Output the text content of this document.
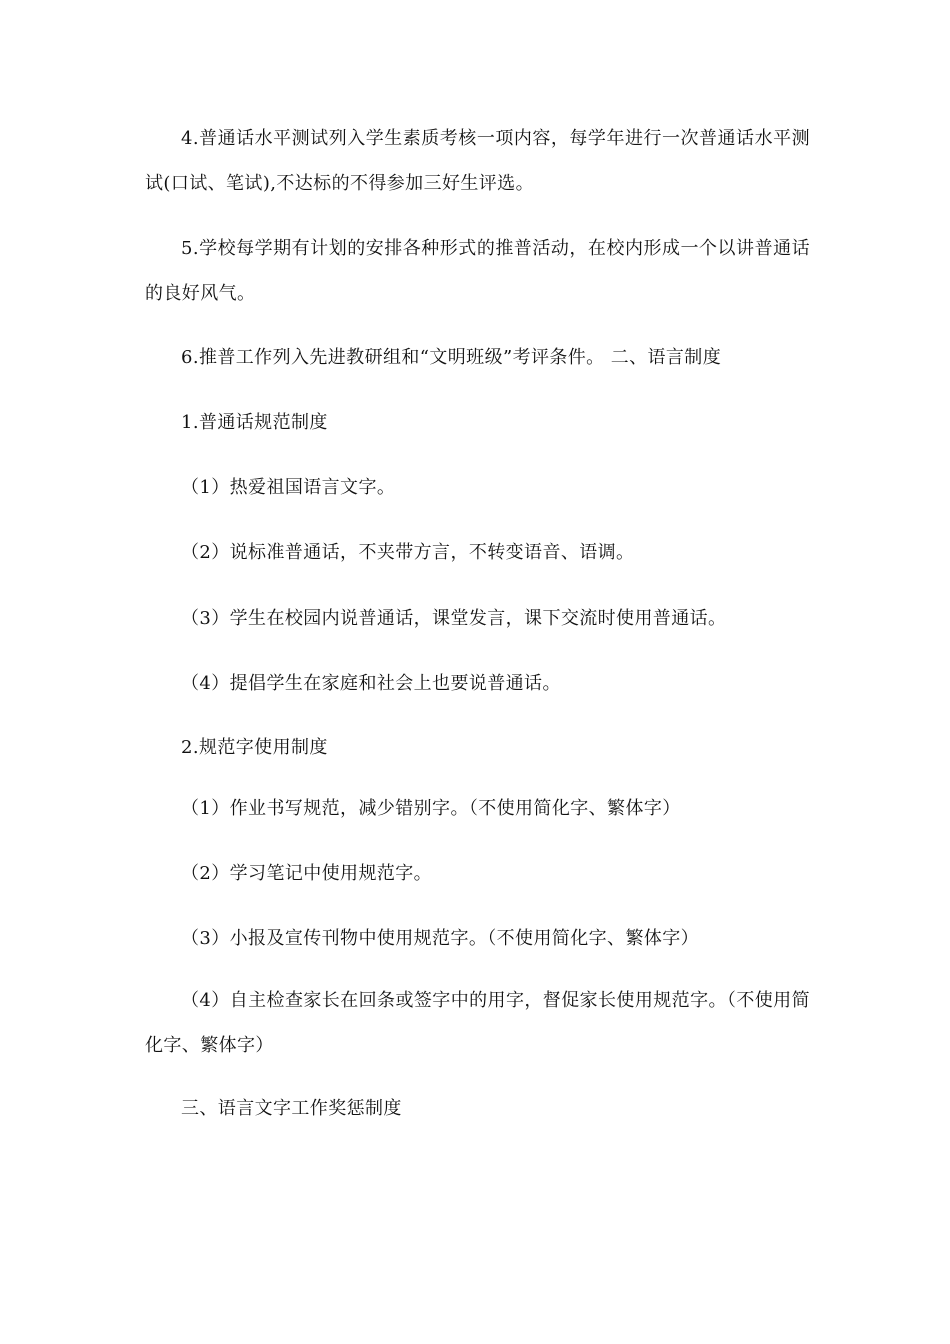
4.普通话水平测试列入学生素质考核一项内容，每学年进行一次普通话水平测试(口试、笔试),不达标的不得参加三好生评选。

5.学校每学期有计划的安排各种形式的推普活动，在校内形成一个以讲普通话的良好风气。

6.推普工作列入先进教研组和“文明班级”考评条件。 二、语言制度

1.普通话规范制度

（1）热爱祖国语言文字。

（2）说标准普通话，不夹带方言，不转变语音、语调。

（3）学生在校园内说普通话，课堂发言，课下交流时使用普通话。

（4）提倡学生在家庭和社会上也要说普通话。

2.规范字使用制度

（1）作业书写规范，减少错别字。（不使用简化字、繁体字）

（2）学习笔记中使用规范字。

（3）小报及宣传刊物中使用规范字。（不使用简化字、繁体字）

（4）自主检查家长在回条或签字中的用字，督促家长使用规范字。（不使用简化字、繁体字）

三、语言文字工作奖惩制度
